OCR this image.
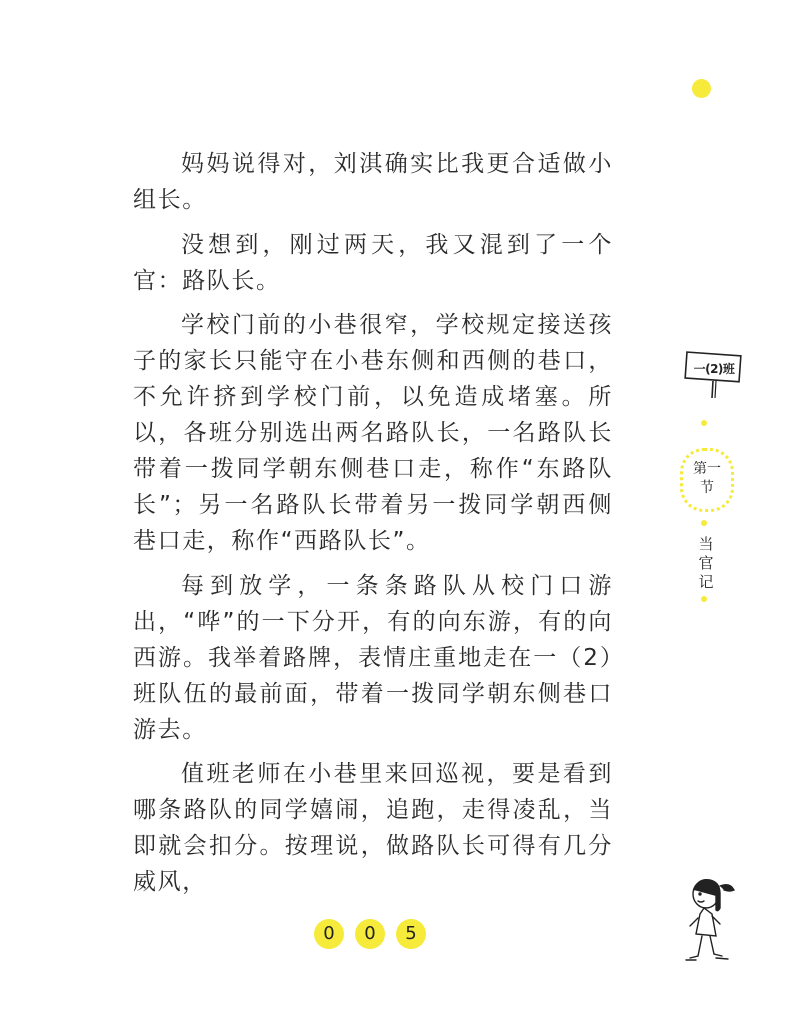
妈妈说得对，刘淇确实比我更合适做小组长。

没想到，刚过两天，我又混到了一个官：路队长。

学校门前的小巷很窄，学校规定接送孩子的家长只能守在小巷东侧和西侧的巷口，不允许挤到学校门前，以免造成堵塞。所以，各班分别选出两名路队长，一名路队长带着一拨同学朝东侧巷口走，称作“东路队长”；另一名路队长带着另一拨同学朝西侧巷口走，称作“西路队长”。

每到放学，一条条路队从校门口游出，“哗”的一下分开，有的向东游，有的向西游。我举着路牌，表情庄重地走在一（2）班队伍的最前面，带着一拨同学朝东侧巷口游去。

值班老师在小巷里来回巡视，要是看到哪条路队的同学嬉闹，追跑，走得凌乱，当即就会扣分。按理说，做路队长可得有几分威风，

一(2)班
第一
节
当
官
记
0	0	5
